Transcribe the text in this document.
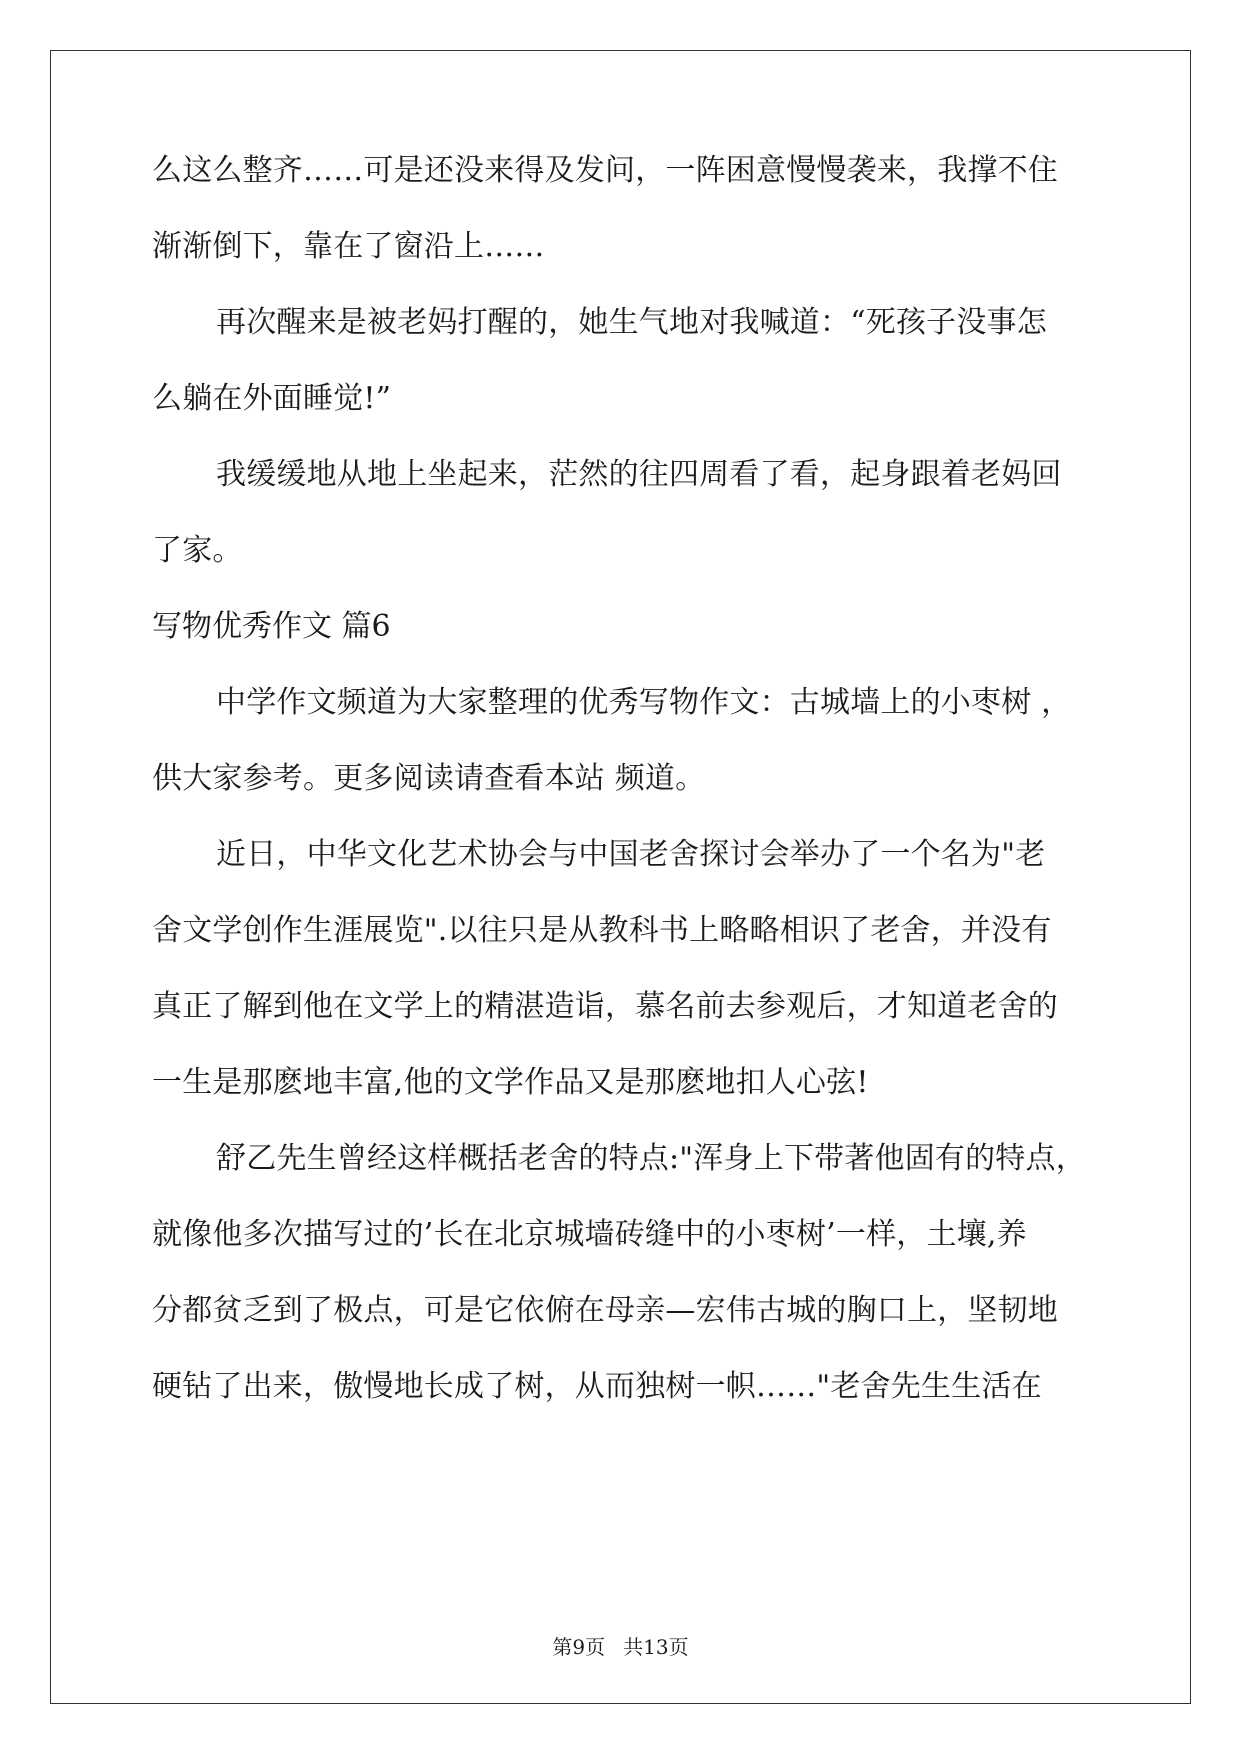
么这么整齐……可是还没来得及发问，一阵困意慢慢袭来，我撑不住
渐渐倒下，靠在了窗沿上……
再次醒来是被老妈打醒的，她生气地对我喊道：“死孩子没事怎
么躺在外面睡觉!”
我缓缓地从地上坐起来，茫然的往四周看了看，起身跟着老妈回
了家。
写物优秀作文 篇6
中学作文频道为大家整理的优秀写物作文：古城墙上的小枣树 ，
供大家参考。更多阅读请查看本站 频道。
近日，中华文化艺术协会与中国老舍探讨会举办了一个名为"老
舍文学创作生涯展览".以往只是从教科书上略略相识了老舍，并没有
真正了解到他在文学上的精湛造诣，慕名前去参观后，才知道老舍的
一生是那麽地丰富,他的文学作品又是那麽地扣人心弦!
舒乙先生曾经这样概括老舍的特点:"浑身上下带著他固有的特点，
就像他多次描写过的’长在北京城墙砖缝中的小枣树’一样，土壤,养
分都贫乏到了极点，可是它依俯在母亲—宏伟古城的胸口上，坚韧地
硬钻了出来，傲慢地长成了树，从而独树一帜……"老舍先生生活在
第9页 共13页
